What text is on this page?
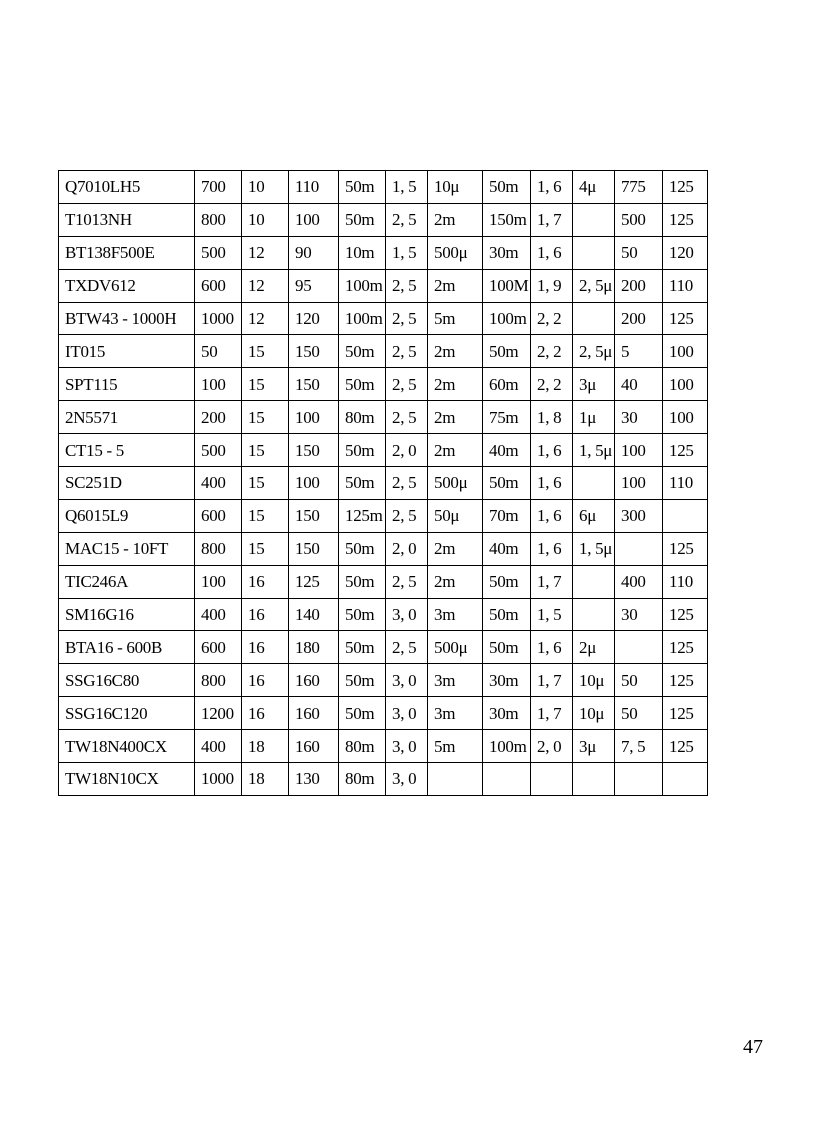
Q7010LH5	700	10	110	50m	1, 5	10μ	50m	1, 6	4μ	775	125
T1013NH	800	10	100	50m	2, 5	2m	150m	1, 7		500	125
BT138F500E	500	12	90	10m	1, 5	500μ	30m	1, 6		50	120
TXDV612	600	12	95	100m	2, 5	2m	100M	1, 9	2, 5μ	200	110
BTW43 - 1000H	1000	12	120	100m	2, 5	5m	100m	2, 2		200	125
IT015	50	15	150	50m	2, 5	2m	50m	2, 2	2, 5μ	5	100
SPT115	100	15	150	50m	2, 5	2m	60m	2, 2	3μ	40	100
2N5571	200	15	100	80m	2, 5	2m	75m	1, 8	1μ	30	100
CT15 - 5	500	15	150	50m	2, 0	2m	40m	1, 6	1, 5μ	100	125
SC251D	400	15	100	50m	2, 5	500μ	50m	1, 6		100	110
Q6015L9	600	15	150	125m	2, 5	50μ	70m	1, 6	6μ	300	
MAC15 - 10FT	800	15	150	50m	2, 0	2m	40m	1, 6	1, 5μ		125
TIC246A	100	16	125	50m	2, 5	2m	50m	1, 7		400	110
SM16G16	400	16	140	50m	3, 0	3m	50m	1, 5		30	125
BTA16 - 600B	600	16	180	50m	2, 5	500μ	50m	1, 6	2μ		125
SSG16C80	800	16	160	50m	3, 0	3m	30m	1, 7	10μ	50	125
SSG16C120	1200	16	160	50m	3, 0	3m	30m	1, 7	10μ	50	125
TW18N400CX	400	18	160	80m	3, 0	5m	100m	2, 0	3μ	7, 5	125
TW18N10CX	1000	18	130	80m	3, 0						
47
